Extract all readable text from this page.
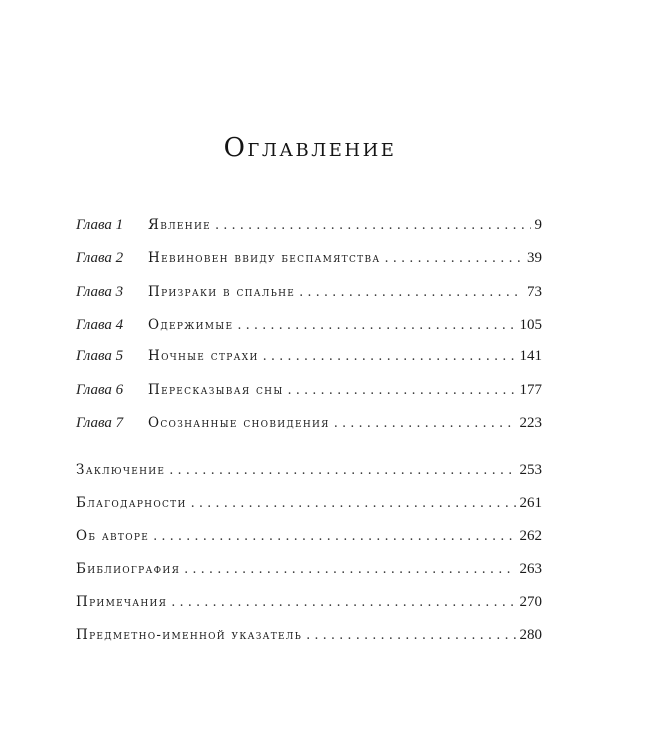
Оглавление
Глава 1	Явление . . .	9
Глава 2	Невиновен ввиду беспамятства . . .	39
Глава 3	Призраки в спальне . . .	73
Глава 4	Одержимые . . .	105
Глава 5	Ночные страхи . . .	141
Глава 6	Пересказывая сны . . .	177
Глава 7	Осознанные сновидения . . .	223
Заключение . . .	253
Благодарности . . .	261
Об авторе . . .	262
Библиография . . .	263
Примечания . . .	270
Предметно-именной указатель . . .	280
